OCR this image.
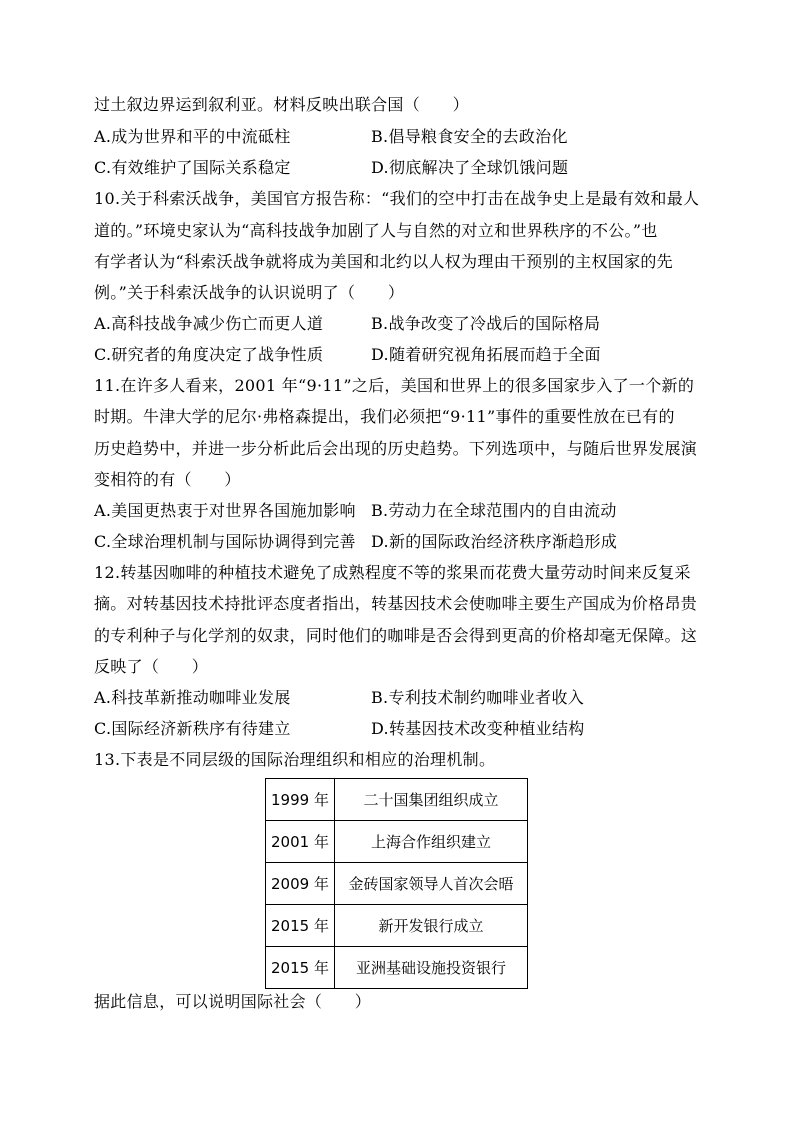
过土叙边界运到叙利亚。材料反映出联合国（　　）
A.成为世界和平的中流砥柱	B.倡导粮食安全的去政治化
C.有效维护了国际关系稳定	D.彻底解决了全球饥饿问题
10.关于科索沃战争，美国官方报告称：“我们的空中打击在战争史上是最有效和最人
道的。”环境史家认为“高科技战争加剧了人与自然的对立和世界秩序的不公。”也
有学者认为“科索沃战争就将成为美国和北约以人权为理由干预别的主权国家的先
例。”关于科索沃战争的认识说明了（　　）
A.高科技战争减少伤亡而更人道	B.战争改变了冷战后的国际格局
C.研究者的角度决定了战争性质	D.随着研究视角拓展而趋于全面
11.在许多人看来，2001 年“9·11”之后，美国和世界上的很多国家步入了一个新的
时期。牛津大学的尼尔·弗格森提出，我们必须把“9·11”事件的重要性放在已有的
历史趋势中，并进一步分析此后会出现的历史趋势。下列选项中，与随后世界发展演
变相符的有（　　）
A.美国更热衷于对世界各国施加影响 B.劳动力在全球范围内的自由流动
C.全球治理机制与国际协调得到完善 D.新的国际政治经济秩序渐趋形成
12.转基因咖啡的种植技术避免了成熟程度不等的浆果而花费大量劳动时间来反复采
摘。对转基因技术持批评态度者指出，转基因技术会使咖啡主要生产国成为价格昂贵
的专利种子与化学剂的奴隶，同时他们的咖啡是否会得到更高的价格却毫无保障。这
反映了（　　）
A.科技革新推动咖啡业发展	B.专利技术制约咖啡业者收入
C.国际经济新秩序有待建立	D.转基因技术改变种植业结构
13.下表是不同层级的国际治理组织和相应的治理机制。
1999 年	二十国集团组织成立
2001 年	上海合作组织建立
2009 年	金砖国家领导人首次会晤
2015 年	新开发银行成立
2015 年	亚洲基础设施投资银行
据此信息，可以说明国际社会（　　）
